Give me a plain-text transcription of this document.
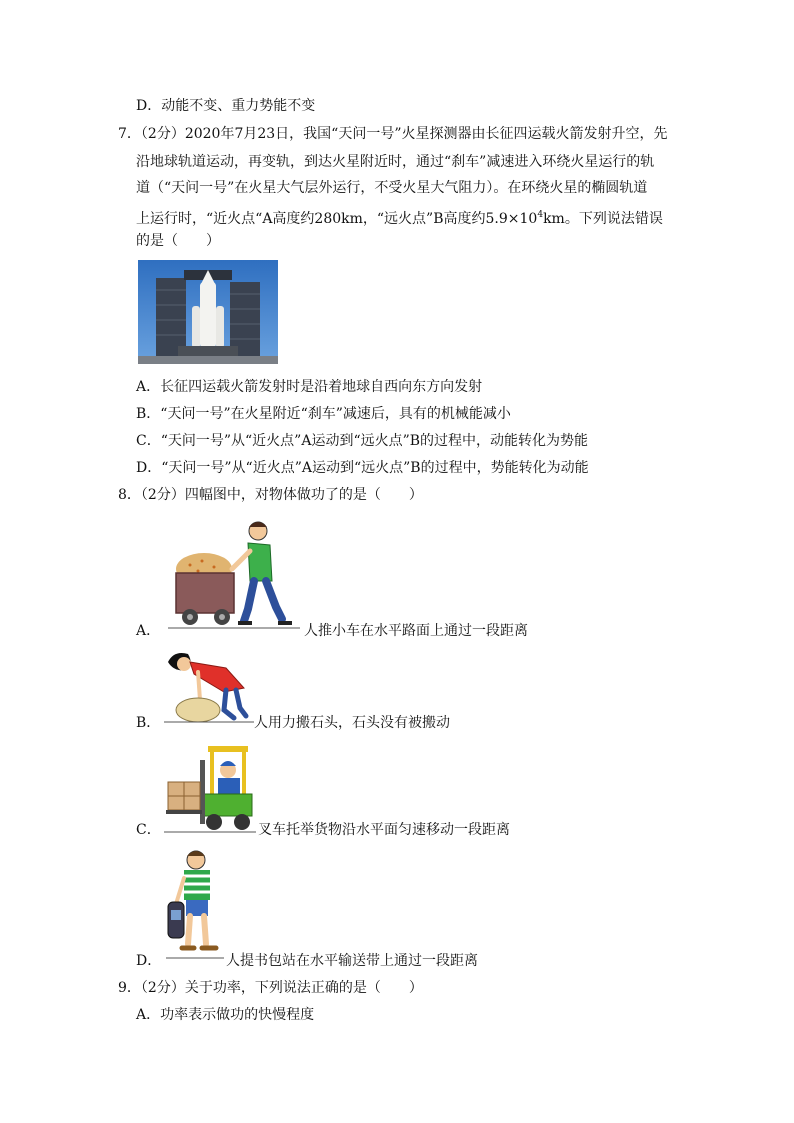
D．动能不变、重力势能不变
7．（2分）2020年7月23日，我国“天问一号”火星探测器由长征四运载火箭发射升空，先
沿地球轨道运动，再变轨，到达火星附近时，通过“刹车”减速进入环绕火星运行的轨
道（“天问一号”在火星大气层外运行，不受火星大气阻力）。在环绕火星的椭圆轨道
上运行时，“近火点“A高度约280km，“远火点”B高度约$5.9\times 10^4km$。下列说法错误
的是（　　）
A．长征四运载火箭发射时是沿着地球自西向东方向发射
B．“天问一号”在火星附近“刹车”减速后，具有的机械能减小
C．“天问一号”从“近火点”A运动到“远火点”B的过程中，动能转化为势能
D．“天问一号”从“近火点”A运动到“远火点”B的过程中，势能转化为动能
8．（2分）四幅图中，对物体做功了的是（　　）
A．	人推小车在水平路面上通过一段距离
B．	人用力搬石头，石头没有被搬动
C．	叉车托举货物沿水平面匀速移动一段距离
D．	人提书包站在水平输送带上通过一段距离
9．（2分）关于功率，下列说法正确的是（　　）
A．功率表示做功的快慢程度
